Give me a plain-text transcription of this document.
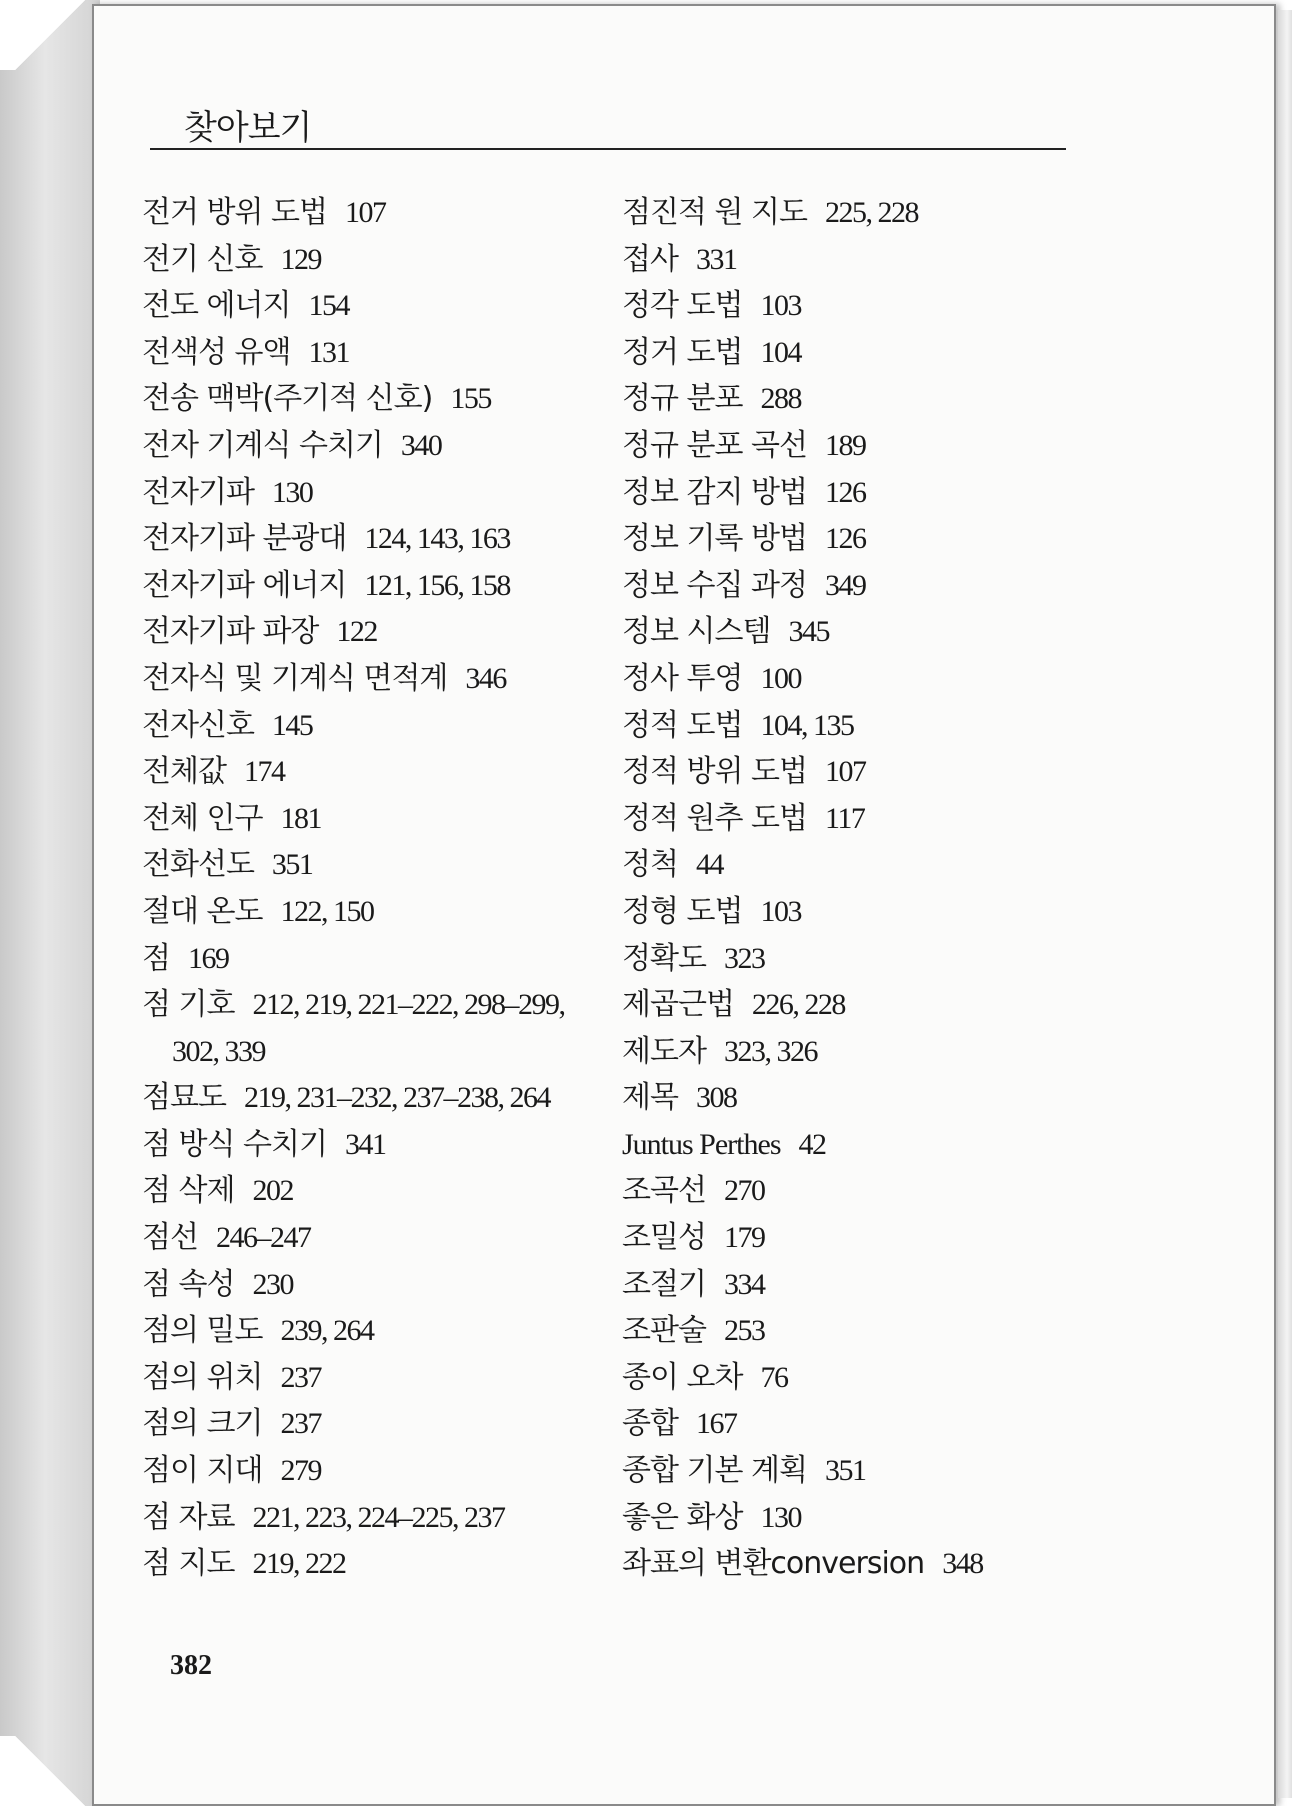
찾아보기
전거 방위 도법 107
전기 신호 129
전도 에너지 154
전색성 유액 131
전송 맥박(주기적 신호) 155
전자 기계식 수치기 340
전자기파 130
전자기파 분광대 124, 143, 163
전자기파 에너지 121, 156, 158
전자기파 파장 122
전자식 및 기계식 면적계 346
전자신호 145
전체값 174
전체 인구 181
전화선도 351
절대 온도 122, 150
점 169
점 기호 212, 219, 221–222, 298–299,
302, 339
점묘도 219, 231–232, 237–238, 264
점 방식 수치기 341
점 삭제 202
점선 246–247
점 속성 230
점의 밀도 239, 264
점의 위치 237
점의 크기 237
점이 지대 279
점 자료 221, 223, 224–225, 237
점 지도 219, 222
점진적 원 지도 225, 228
접사 331
정각 도법 103
정거 도법 104
정규 분포 288
정규 분포 곡선 189
정보 감지 방법 126
정보 기록 방법 126
정보 수집 과정 349
정보 시스템 345
정사 투영 100
정적 도법 104, 135
정적 방위 도법 107
정적 원추 도법 117
정척 44
정형 도법 103
정확도 323
제곱근법 226, 228
제도자 323, 326
제목 308
Juntus Perthes 42
조곡선 270
조밀성 179
조절기 334
조판술 253
종이 오차 76
종합 167
종합 기본 계획 351
좋은 화상 130
좌표의 변환conversion 348
382
